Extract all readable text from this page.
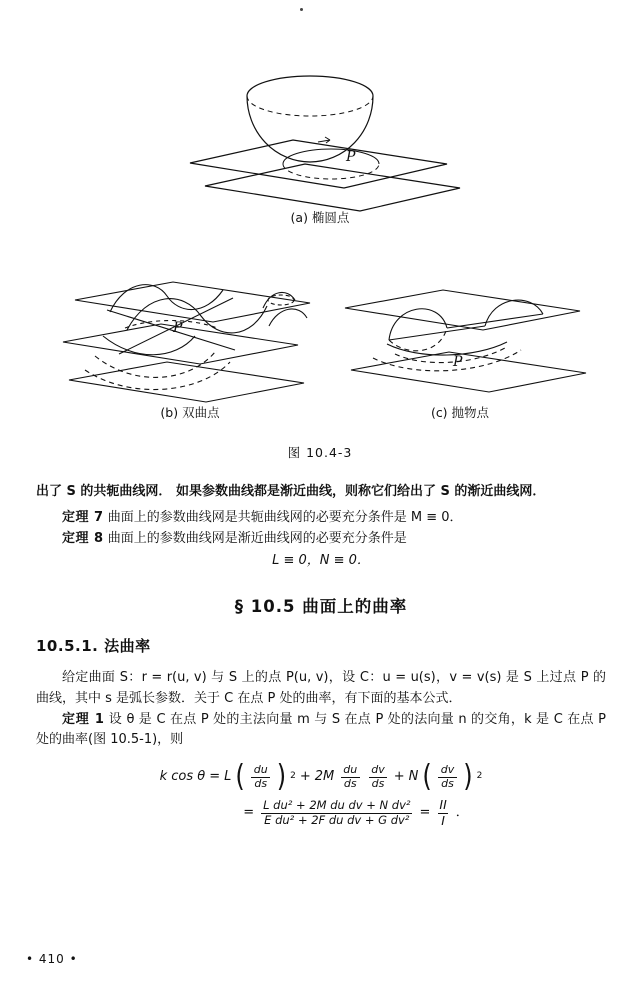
P
(a) 椭圆点
P
(b) 双曲点
P
(c) 抛物点
图 10.4-3

出了 S 的共轭曲线网． 如果参数曲线都是渐近曲线，则称它们给出了 S 的渐近曲线网．

定理 7 曲面上的参数曲线网是共轭曲线网的必要充分条件是 M ≡ 0．

定理 8 曲面上的参数曲线网是渐近曲线网的必要充分条件是

L ≡ 0，N ≡ 0．
§ 10.5 曲面上的曲率
10.5.1. 法曲率

给定曲面 S：r = r(u, v) 与 S 上的点 P(u, v)，设 C：u = u(s)，v = v(s) 是 S 上过点 P 的曲线，其中 s 是弧长参数．关于 C 在点 P 处的曲率，有下面的基本公式．

定理 1 设 θ 是 C 在点 P 处的主法向量 m 与 S 在点 P 处的法向量 n 的交角，k 是 C 在点 P 处的曲率(图 10.5-1)，则

k cos θ = L ( $\frac{du}{ds}$ ) $2 + 2M \frac{du}{ds} \frac{dv}{ds} + N$ ( $\frac{dv}{ds}$ ) 2
= $\frac{\text{L du² + 2M du dv + N dv²}}{\text{E du² + 2F du dv + G dv²}} = \frac{II}{I}$ ．
• 410 •
